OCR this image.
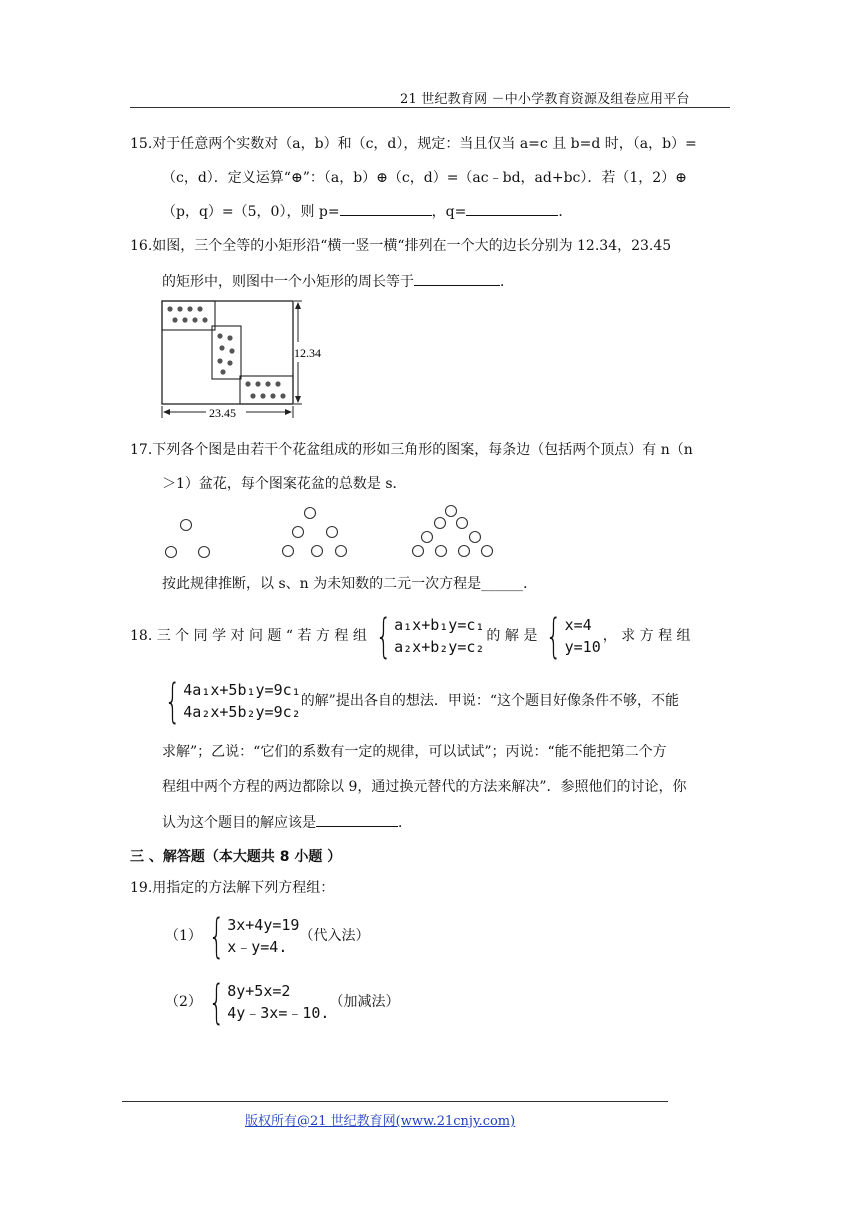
21 世纪教育网 －中小学教育资源及组卷应用平台
15.对于任意两个实数对（a，b）和（c，d），规定：当且仅当 a=c 且 b=d 时，（a，b）=
（c，d）．定义运算“⊕”：（a，b）⊕（c，d）=（ac﹣bd，ad+bc）．若（1，2）⊕
（p，q）=（5，0），则 p=	，q=	．
16.如图，三个全等的小矩形沿“横一竖一横“排列在一个大的边长分别为 12.34，23.45
的矩形中，则图中一个小矩形的周长等于	．
12.34
23.45
17.下列各个图是由若干个花盆组成的形如三角形的图案，每条边（包括两个顶点）有 n（n
＞1）盆花，每个图案花盆的总数是 s．
按此规律推断，以 s、n 为未知数的二元一次方程是______．
18. 三 个 同 学 对 问 题 “ 若 方 程 组 { a₁x+b₁y=c₁
a₂x+b₂y=c₂
的 解 是 { x=4
y=10
， 求 方 程 组
{ 4a₁x+5b₁y=9c₁
4a₂x+5b₂y=9c₂
的解”提出各自的想法．甲说：“这个题目好像条件不够，不能
求解”；乙说：“它们的系数有一定的规律，可以试试”；丙说：“能不能把第二个方
程组中两个方程的两边都除以 9，通过换元替代的方法来解决”．参照他们的讨论，你
认为这个题目的解应该是	．
三 、解答题（本大题共 8 小题 ）
19.用指定的方法解下列方程组：
（1） { 3x+4y=19
x﹣y=4.
（代入法）
（2） { 8y+5x=2
4y﹣3x=﹣10.
（加减法）
版权所有@21 世纪教育网(www.21cnjy.com)
